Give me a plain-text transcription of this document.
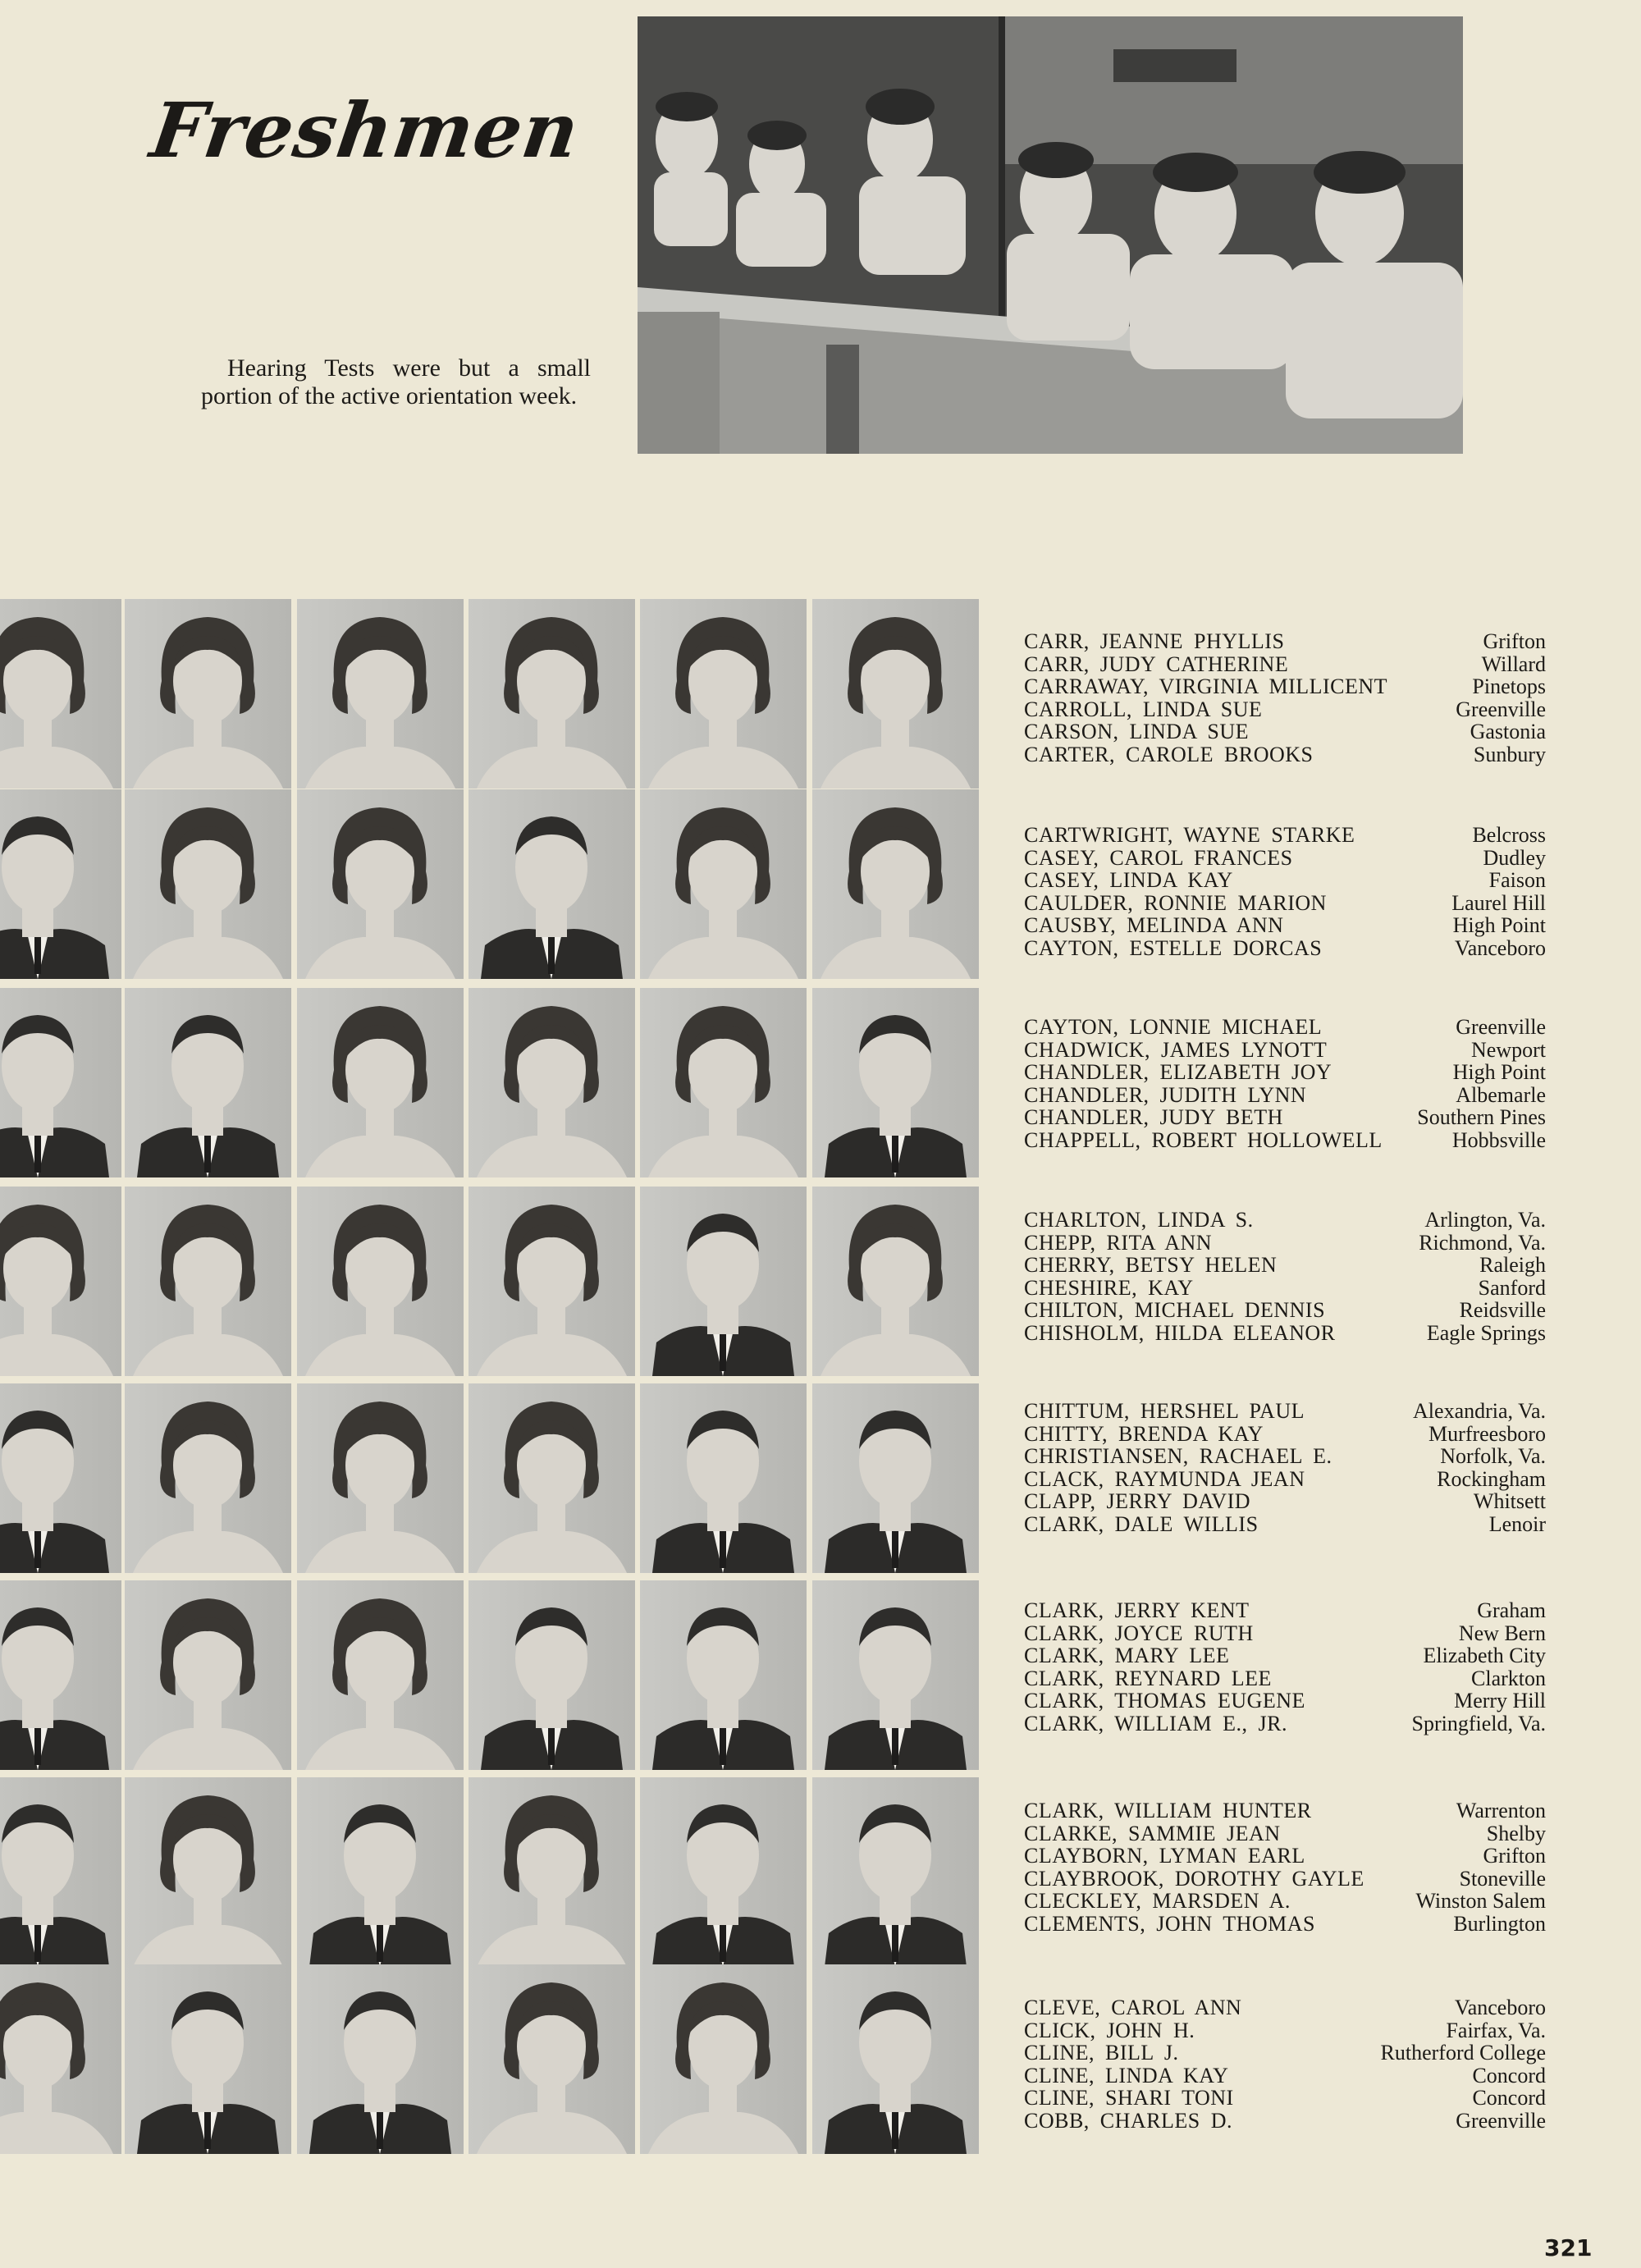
Freshmen
Hearing Tests were but a small portion of the active orientation week.
CARR, JEANNE PHYLLIS	Grifton
CARR, JUDY CATHERINE	Willard
CARRAWAY, VIRGINIA MILLICENT	Pinetops
CARROLL, LINDA SUE	Greenville
CARSON, LINDA SUE	Gastonia
CARTER, CAROLE BROOKS	Sunbury
CARTWRIGHT, WAYNE STARKE	Belcross
CASEY, CAROL FRANCES	Dudley
CASEY, LINDA KAY	Faison
CAULDER, RONNIE MARION	Laurel Hill
CAUSBY, MELINDA ANN	High Point
CAYTON, ESTELLE DORCAS	Vanceboro
CAYTON, LONNIE MICHAEL	Greenville
CHADWICK, JAMES LYNOTT	Newport
CHANDLER, ELIZABETH JOY	High Point
CHANDLER, JUDITH LYNN	Albemarle
CHANDLER, JUDY BETH	Southern Pines
CHAPPELL, ROBERT HOLLOWELL	Hobbsville
CHARLTON, LINDA S.	Arlington, Va.
CHEPP, RITA ANN	Richmond, Va.
CHERRY, BETSY HELEN	Raleigh
CHESHIRE, KAY	Sanford
CHILTON, MICHAEL DENNIS	Reidsville
CHISHOLM, HILDA ELEANOR	Eagle Springs
CHITTUM, HERSHEL PAUL	Alexandria, Va.
CHITTY, BRENDA KAY	Murfreesboro
CHRISTIANSEN, RACHAEL E.	Norfolk, Va.
CLACK, RAYMUNDA JEAN	Rockingham
CLAPP, JERRY DAVID	Whitsett
CLARK, DALE WILLIS	Lenoir
CLARK, JERRY KENT	Graham
CLARK, JOYCE RUTH	New Bern
CLARK, MARY LEE	Elizabeth City
CLARK, REYNARD LEE	Clarkton
CLARK, THOMAS EUGENE	Merry Hill
CLARK, WILLIAM E., JR.	Springfield, Va.
CLARK, WILLIAM HUNTER	Warrenton
CLARKE, SAMMIE JEAN	Shelby
CLAYBORN, LYMAN EARL	Grifton
CLAYBROOK, DOROTHY GAYLE	Stoneville
CLECKLEY, MARSDEN A.	Winston Salem
CLEMENTS, JOHN THOMAS	Burlington
CLEVE, CAROL ANN	Vanceboro
CLICK, JOHN H.	Fairfax, Va.
CLINE, BILL J.	Rutherford College
CLINE, LINDA KAY	Concord
CLINE, SHARI TONI	Concord
COBB, CHARLES D.	Greenville
321
